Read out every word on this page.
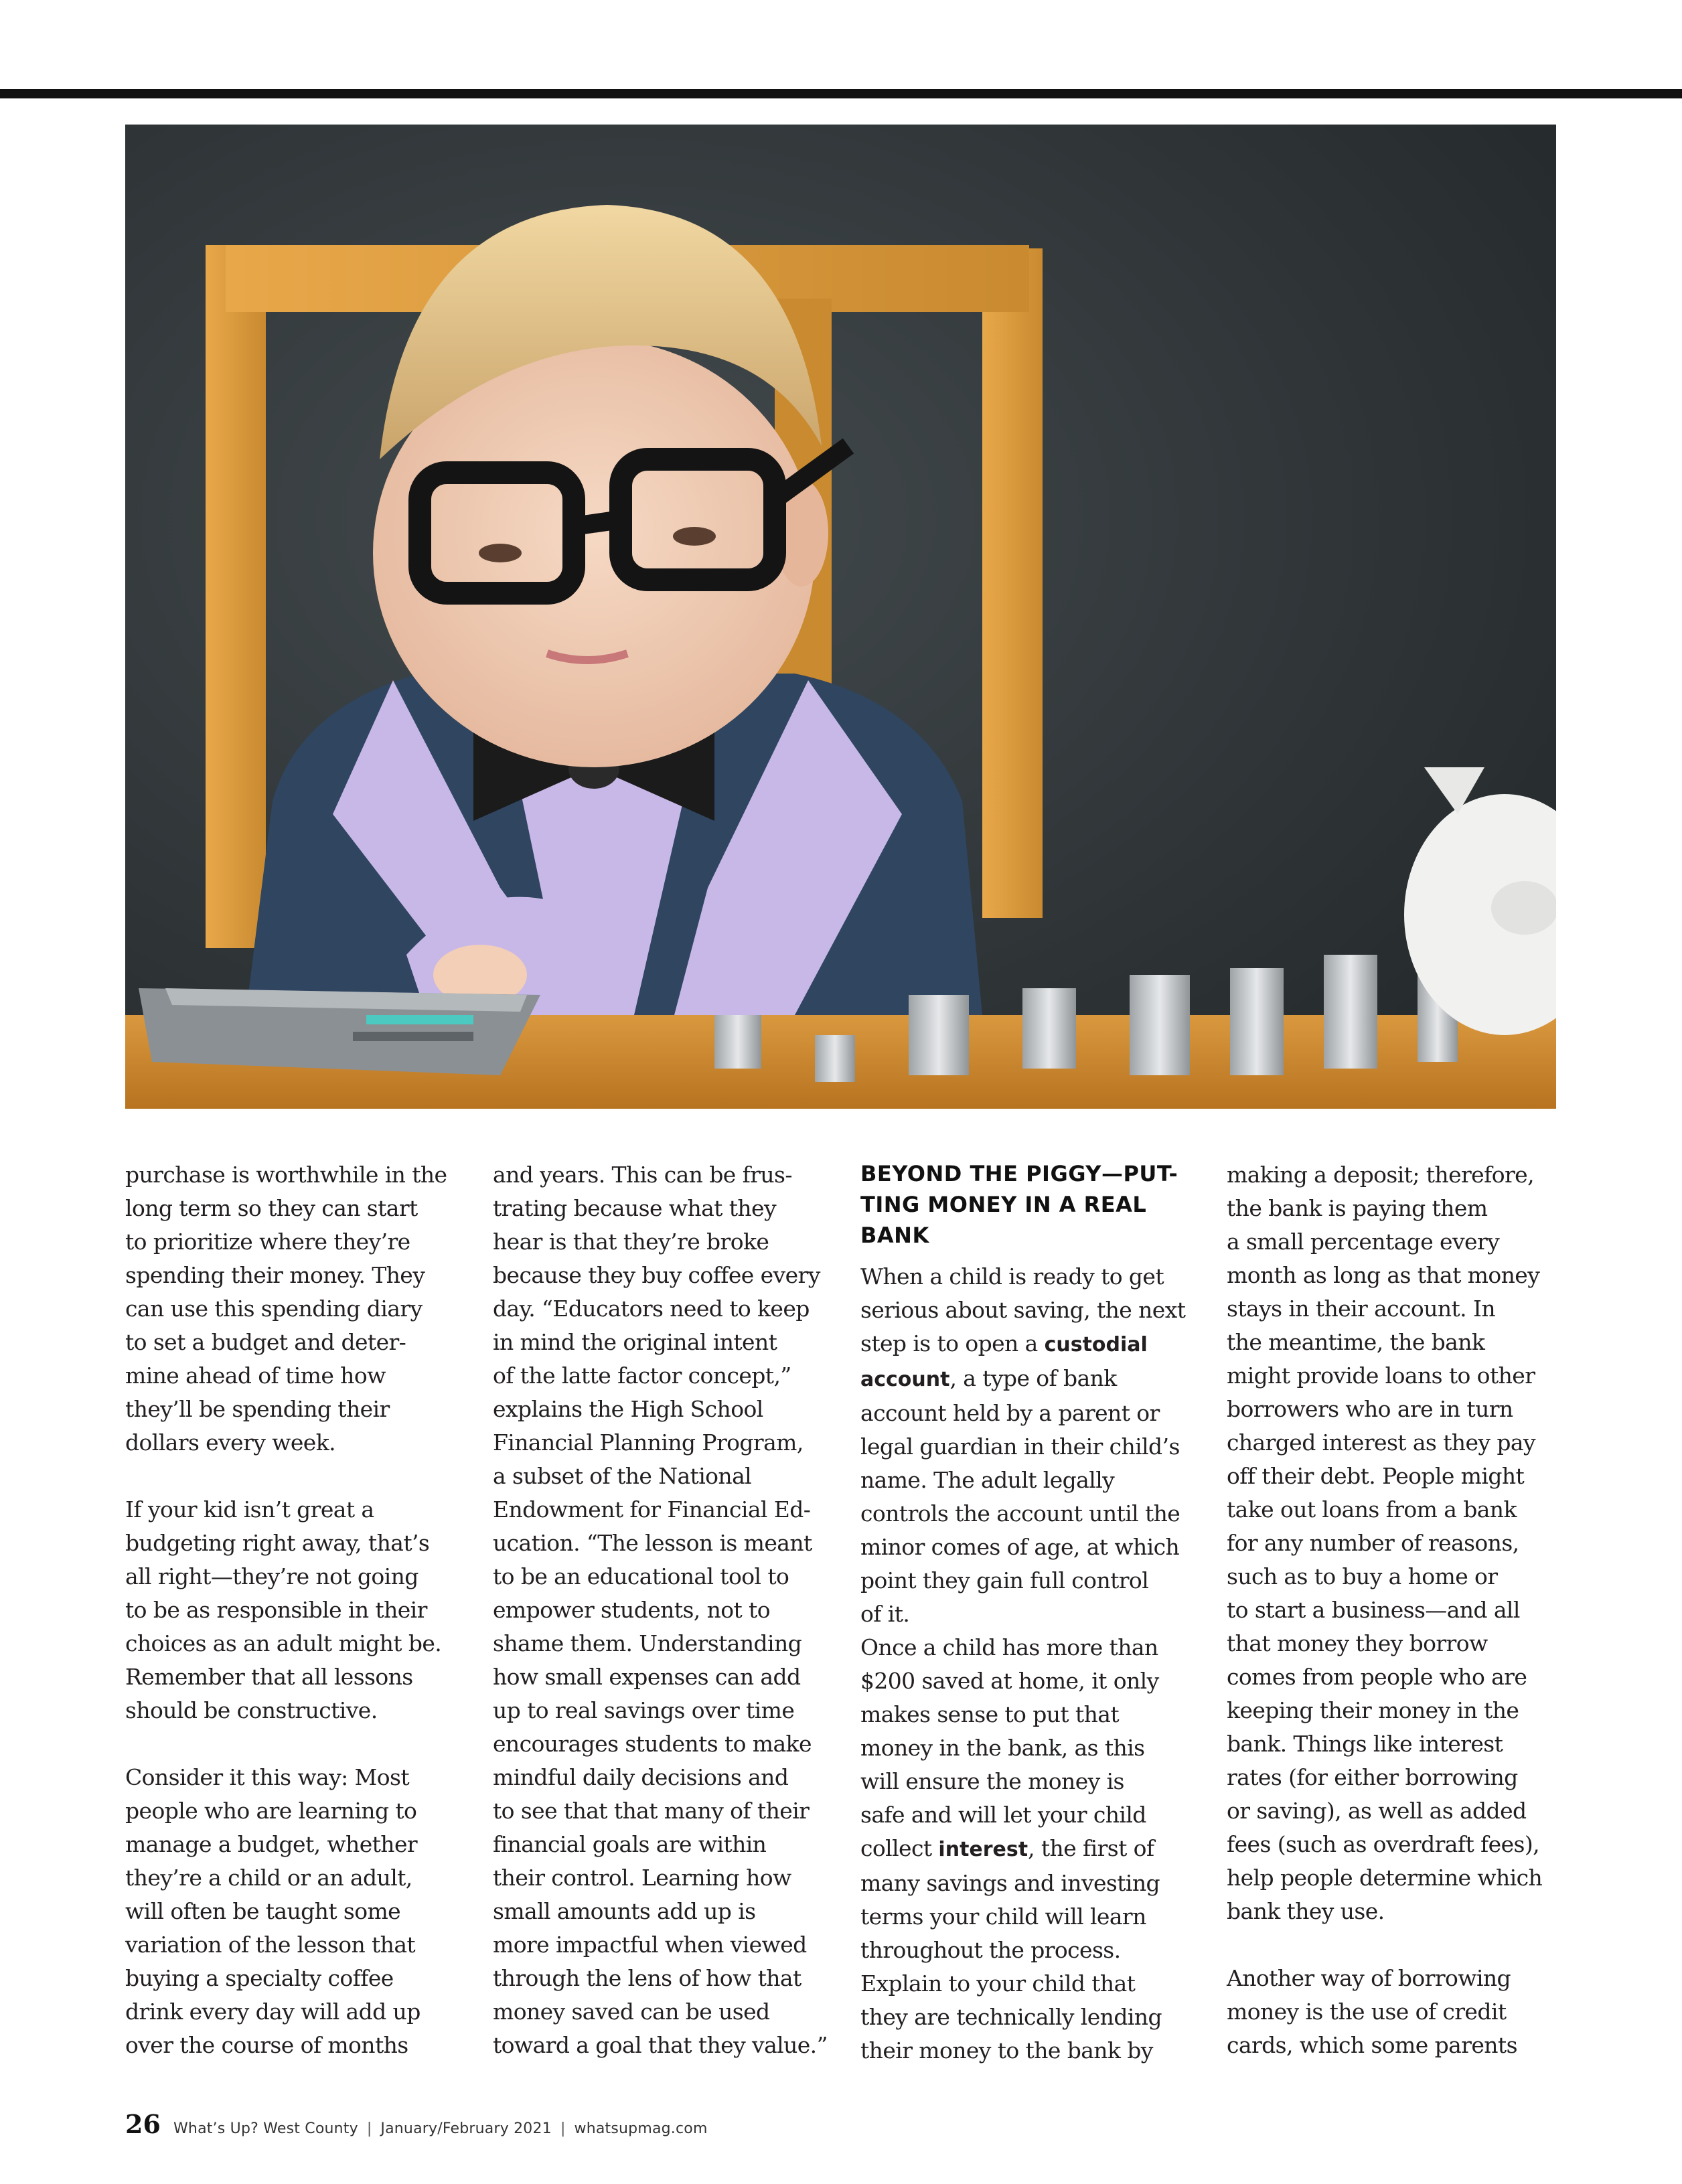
purchase is worthwhile in the
long term so they can start
to prioritize where they’re
spending their money. They
can use this spending diary
to set a budget and deter-
mine ahead of time how
they’ll be spending their
dollars every week.

If your kid isn’t great a
budgeting right away, that’s
all right—they’re not going
to be as responsible in their
choices as an adult might be.
Remember that all lessons
should be constructive.

Consider it this way: Most
people who are learning to
manage a budget, whether
they’re a child or an adult,
will often be taught some
variation of the lesson that
buying a specialty coffee
drink every day will add up
over the course of months

and years. This can be frus-
trating because what they
hear is that they’re broke
because they buy coffee every
day. “Educators need to keep
in mind the original intent
of the latte factor concept,”
explains the High School
Financial Planning Program,
a subset of the National
Endowment for Financial Ed-
ucation. “The lesson is meant
to be an educational tool to
empower students, not to
shame them. Understanding
how small expenses can add
up to real savings over time
encourages students to make
mindful daily decisions and
to see that that many of their
financial goals are within
their control. Learning how
small amounts add up is
more impactful when viewed
through the lens of how that
money saved can be used
toward a goal that they value.”

BEYOND THE PIGGY—PUT-
TING MONEY IN A REAL
BANK

When a child is ready to get
serious about saving, the next
step is to open a custodial
account, a type of bank
account held by a parent or
legal guardian in their child’s
name. The adult legally
controls the account until the
minor comes of age, at which
point they gain full control
of it.

Once a child has more than
$200 saved at home, it only
makes sense to put that
money in the bank, as this
will ensure the money is
safe and will let your child
collect interest, the first of
many savings and investing
terms your child will learn
throughout the process.
Explain to your child that
they are technically lending
their money to the bank by

making a deposit; therefore,
the bank is paying them
a small percentage every
month as long as that money
stays in their account. In
the meantime, the bank
might provide loans to other
borrowers who are in turn
charged interest as they pay
off their debt. People might
take out loans from a bank
for any number of reasons,
such as to buy a home or
to start a business—and all
that money they borrow
comes from people who are
keeping their money in the
bank. Things like interest
rates (for either borrowing
or saving), as well as added
fees (such as overdraft fees),
help people determine which
bank they use.

Another way of borrowing
money is the use of credit
cards, which some parents

26 What’s Up? West County | January/February 2021 | whatsupmag.com
